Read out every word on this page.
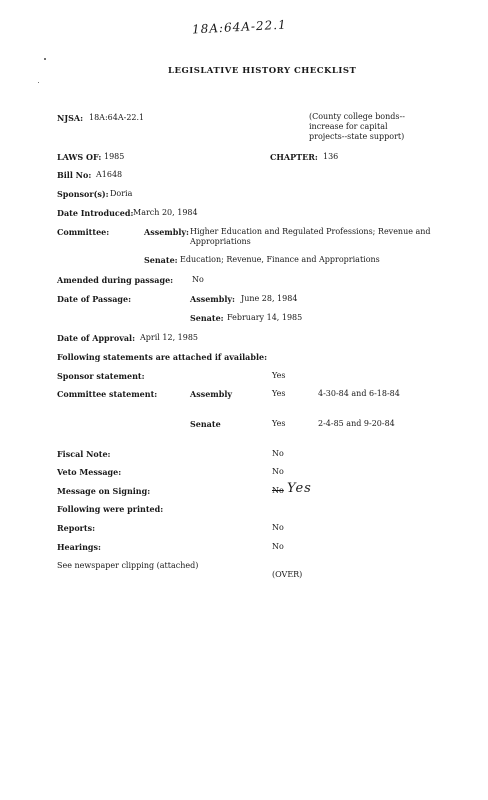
18A:64A-22.1
LEGISLATIVE HISTORY CHECKLIST
NJSA: 18A:64A-22.1	(County college bonds--
increase for capital
projects--state support)
LAWS OF: 1985	CHAPTER: 136
Bill No: A1648
Sponsor(s): Doria
Date Introduced: March 20, 1984
Committee:	Assembly: Higher Education and Regulated Professions; Revenue and
Appropriations
Senate: Education; Revenue, Finance and Appropriations
Amended during passage: No
Date of Passage:	Assembly: June 28, 1984
Senate: February 14, 1985
Date of Approval: April 12, 1985
Following statements are attached if available:
Sponsor statement:	Yes
Committee statement:	Assembly	Yes	4-30-84 and 6-18-84
Senate	Yes	2-4-85 and 9-20-84
Fiscal Note:	No
Veto Message:	No
Message on Signing:	No Yes
Following were printed:
Reports:	No
Hearings:	No
See newspaper clipping (attached)
(OVER)
